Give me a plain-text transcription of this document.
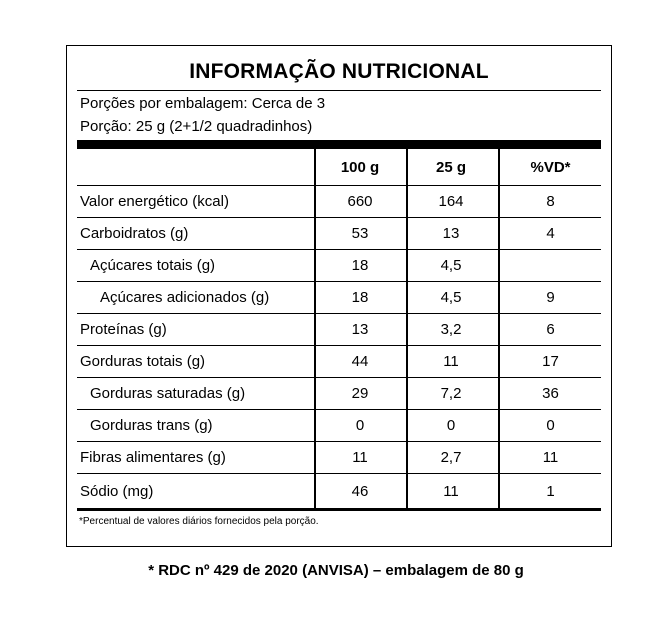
INFORMAÇÃO NUTRICIONAL
Porções por embalagem: Cerca de 3
Porção: 25 g (2+1/2 quadradinhos)
100 g	25 g	%VD*
Valor energético (kcal)	660	164	8
Carboidratos (g)	53	13	4
Açúcares totais (g)	18	4,5
Açúcares adicionados (g)	18	4,5	9
Proteínas (g)	13	3,2	6
Gorduras totais (g)	44	11	17
Gorduras saturadas (g)	29	7,2	36
Gorduras trans (g)	0	0	0
Fibras alimentares (g)	11	2,7	11
Sódio (mg)	46	11	1
*Percentual de valores diários fornecidos pela porção.
* RDC nº 429 de 2020 (ANVISA) – embalagem de 80 g
